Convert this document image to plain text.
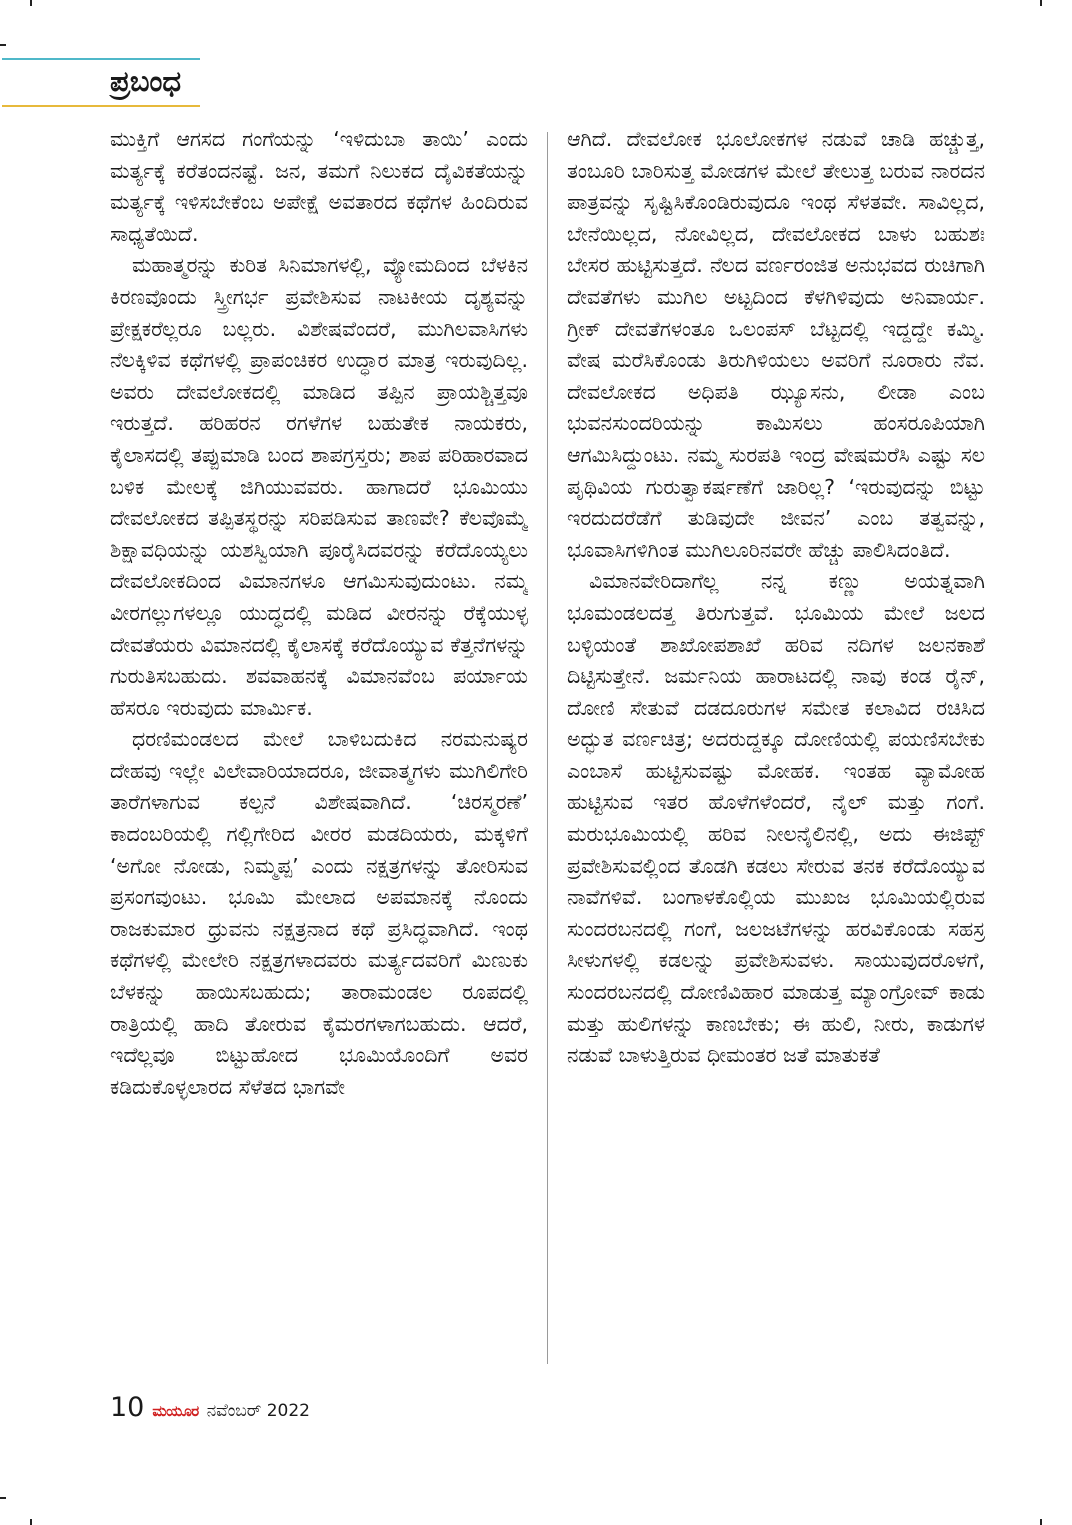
ಪ್ರಬಂಧ

ಮುಕ್ತಿಗೆ ಆಗಸದ ಗಂಗೆಯನ್ನು ‘ಇಳಿದುಬಾ ತಾಯಿ’ ಎಂದು ಮರ್ತ್ಯಕ್ಕೆ ಕರೆತಂದನಷ್ಟೆ. ಜನ, ತಮಗೆ ನಿಲುಕದ ದೈವಿಕತೆಯನ್ನು ಮರ್ತ್ಯಕ್ಕೆ ಇಳಿಸಬೇಕೆಂಬ ಅಪೇಕ್ಷೆ ಅವತಾರದ ಕಥೆಗಳ ಹಿಂದಿರುವ ಸಾಧ್ಯತೆಯಿದೆ.

ಮಹಾತ್ಮರನ್ನು ಕುರಿತ ಸಿನಿಮಾಗಳಲ್ಲಿ, ವ್ಯೋಮದಿಂದ ಬೆಳಕಿನ ಕಿರಣವೊಂದು ಸ್ತ್ರೀಗರ್ಭ ಪ್ರವೇಶಿಸುವ ನಾಟಕೀಯ ದೃಶ್ಯವನ್ನು ಪ್ರೇಕ್ಷಕರೆಲ್ಲರೂ ಬಲ್ಲರು. ವಿಶೇಷವೆಂದರೆ, ಮುಗಿಲವಾಸಿಗಳು ನೆಲಕ್ಕಿಳಿವ ಕಥೆಗಳಲ್ಲಿ ಪ್ರಾಪಂಚಿಕರ ಉದ್ಧಾರ ಮಾತ್ರ ಇರುವುದಿಲ್ಲ. ಅವರು ದೇವಲೋಕದಲ್ಲಿ ಮಾಡಿದ ತಪ್ಪಿನ ಪ್ರಾಯಶ್ಚಿತ್ತವೂ ಇರುತ್ತದೆ. ಹರಿಹರನ ರಗಳೆಗಳ ಬಹುತೇಕ ನಾಯಕರು, ಕೈಲಾಸದಲ್ಲಿ ತಪ್ಪುಮಾಡಿ ಬಂದ ಶಾಪಗ್ರಸ್ತರು; ಶಾಪ ಪರಿಹಾರವಾದ ಬಳಿಕ ಮೇಲಕ್ಕೆ ಜಿಗಿಯುವವರು. ಹಾಗಾದರೆ ಭೂಮಿಯು ದೇವಲೋಕದ ತಪ್ಪಿತಸ್ಥರನ್ನು ಸರಿಪಡಿಸುವ ತಾಣವೇ? ಕೆಲವೊಮ್ಮೆ ಶಿಕ್ಷಾವಧಿಯನ್ನು ಯಶಸ್ವಿಯಾಗಿ ಪೂರೈಸಿದವರನ್ನು ಕರೆದೊಯ್ಯಲು ದೇವಲೋಕದಿಂದ ವಿಮಾನಗಳೂ ಆಗಮಿಸುವುದುಂಟು. ನಮ್ಮ ವೀರಗಲ್ಲುಗಳಲ್ಲೂ ಯುದ್ಧದಲ್ಲಿ ಮಡಿದ ವೀರನನ್ನು ರೆಕ್ಕೆಯುಳ್ಳ ದೇವತೆಯರು ವಿಮಾನದಲ್ಲಿ ಕೈಲಾಸಕ್ಕೆ ಕರೆದೊಯ್ಯುವ ಕೆತ್ತನೆಗಳನ್ನು ಗುರುತಿಸಬಹುದು. ಶವವಾಹನಕ್ಕೆ ವಿಮಾನವೆಂಬ ಪರ್ಯಾಯ ಹೆಸರೂ ಇರುವುದು ಮಾರ್ಮಿಕ.

ಧರಣಿಮಂಡಲದ ಮೇಲೆ ಬಾಳಿಬದುಕಿದ ನರಮನುಷ್ಯರ ದೇಹವು ಇಲ್ಲೇ ವಿಲೇವಾರಿಯಾದರೂ, ಜೀವಾತ್ಮಗಳು ಮುಗಿಲಿಗೇರಿ ತಾರೆಗಳಾಗುವ ಕಲ್ಪನೆ ವಿಶೇಷವಾಗಿದೆ. ‘ಚಿರಸ್ಮರಣೆ’ ಕಾದಂಬರಿಯಲ್ಲಿ ಗಲ್ಲಿಗೇರಿದ ವೀರರ ಮಡದಿಯರು, ಮಕ್ಕಳಿಗೆ ‘ಅಗೋ ನೋಡು, ನಿಮ್ಮಪ್ಪ’ ಎಂದು ನಕ್ಷತ್ರಗಳನ್ನು ತೋರಿಸುವ ಪ್ರಸಂಗವುಂಟು. ಭೂಮಿ ಮೇಲಾದ ಅಪಮಾನಕ್ಕೆ ನೊಂದು ರಾಜಕುಮಾರ ಧ್ರುವನು ನಕ್ಷತ್ರನಾದ ಕಥೆ ಪ್ರಸಿದ್ಧವಾಗಿದೆ. ಇಂಥ ಕಥೆಗಳಲ್ಲಿ ಮೇಲೇರಿ ನಕ್ಷತ್ರಗಳಾದವರು ಮರ್ತ್ಯದವರಿಗೆ ಮಿಣುಕು ಬೆಳಕನ್ನು ಹಾಯಿಸಬಹುದು; ತಾರಾಮಂಡಲ ರೂಪದಲ್ಲಿ ರಾತ್ರಿಯಲ್ಲಿ ಹಾದಿ ತೋರುವ ಕೈಮರಗಳಾಗಬಹುದು. ಆದರೆ, ಇದೆಲ್ಲವೂ ಬಿಟ್ಟುಹೋದ ಭೂಮಿಯೊಂದಿಗೆ ಅವರ ಕಡಿದುಕೊಳ್ಳಲಾರದ ಸೆಳೆತದ ಭಾಗವೇ

ಆಗಿದೆ. ದೇವಲೋಕ ಭೂಲೋಕಗಳ ನಡುವೆ ಚಾಡಿ ಹಚ್ಚುತ್ತ, ತಂಬೂರಿ ಬಾರಿಸುತ್ತ ಮೋಡಗಳ ಮೇಲೆ ತೇಲುತ್ತ ಬರುವ ನಾರದನ ಪಾತ್ರವನ್ನು ಸೃಷ್ಟಿಸಿಕೊಂಡಿರುವುದೂ ಇಂಥ ಸೆಳತವೇ. ಸಾವಿಲ್ಲದ, ಬೇನೆಯಿಲ್ಲದ, ನೋವಿಲ್ಲದ, ದೇವಲೋಕದ ಬಾಳು ಬಹುಶಃ ಬೇಸರ ಹುಟ್ಟಿಸುತ್ತದೆ. ನೆಲದ ವರ್ಣರಂಜಿತ ಅನುಭವದ ರುಚಿಗಾಗಿ ದೇವತೆಗಳು ಮುಗಿಲ ಅಟ್ಟದಿಂದ ಕೆಳಗಿಳಿವುದು ಅನಿವಾರ್ಯ. ಗ್ರೀಕ್ ದೇವತೆಗಳಂತೂ ಒಲಂಪಸ್ ಬೆಟ್ಟದಲ್ಲಿ ಇದ್ದದ್ದೇ ಕಮ್ಮಿ. ವೇಷ ಮರೆಸಿಕೊಂಡು ತಿರುಗಿಳಿಯಲು ಅವರಿಗೆ ನೂರಾರು ನೆವ. ದೇವಲೋಕದ ಅಧಿಪತಿ ಝ್ಯೂಸನು, ಲೀಡಾ ಎಂಬ ಭುವನಸುಂದರಿಯನ್ನು ಕಾಮಿಸಲು ಹಂಸರೂಪಿಯಾಗಿ ಆಗಮಿಸಿದ್ದುಂಟು. ನಮ್ಮ ಸುರಪತಿ ಇಂದ್ರ ವೇಷಮರೆಸಿ ಎಷ್ಟು ಸಲ ಪೃಥಿವಿಯ ಗುರುತ್ವಾಕರ್ಷಣೆಗೆ ಜಾರಿಲ್ಲ? ‘ಇರುವುದನ್ನು ಬಿಟ್ಟು ಇರದುದರೆಡೆಗೆ ತುಡಿವುದೇ ಜೀವನ’ ಎಂಬ ತತ್ವವನ್ನು, ಭೂವಾಸಿಗಳಿಗಿಂತ ಮುಗಿಲೂರಿನವರೇ ಹೆಚ್ಚು ಪಾಲಿಸಿದಂತಿದೆ.

ವಿಮಾನವೇರಿದಾಗೆಲ್ಲ ನನ್ನ ಕಣ್ಣು ಅಯತ್ನವಾಗಿ ಭೂಮಂಡಲದತ್ತ ತಿರುಗುತ್ತವೆ. ಭೂಮಿಯ ಮೇಲೆ ಜಲದ ಬಳ್ಳಿಯಂತೆ ಶಾಖೋಪಶಾಖೆ ಹರಿವ ನದಿಗಳ ಜಲನಕಾಶೆ ದಿಟ್ಟಿಸುತ್ತೇನೆ. ಜರ್ಮನಿಯ ಹಾರಾಟದಲ್ಲಿ ನಾವು ಕಂಡ ರೈನ್, ದೋಣಿ ಸೇತುವೆ ದಡದೂರುಗಳ ಸಮೇತ ಕಲಾವಿದ ರಚಿಸಿದ ಅದ್ಭುತ ವರ್ಣಚಿತ್ರ; ಅದರುದ್ದಕ್ಕೂ ದೋಣಿಯಲ್ಲಿ ಪಯಣಿಸಬೇಕು ಎಂಬಾಸೆ ಹುಟ್ಟಿಸುವಷ್ಟು ಮೋಹಕ. ಇಂತಹ ವ್ಯಾಮೋಹ ಹುಟ್ಟಿಸುವ ಇತರ ಹೊಳೆಗಳೆಂದರೆ, ನೈಲ್ ಮತ್ತು ಗಂಗೆ. ಮರುಭೂಮಿಯಲ್ಲಿ ಹರಿವ ನೀಲನೈಲಿನಲ್ಲಿ, ಅದು ಈಜಿಪ್ಟ್ ಪ್ರವೇಶಿಸುವಲ್ಲಿಂದ ತೊಡಗಿ ಕಡಲು ಸೇರುವ ತನಕ ಕರೆದೊಯ್ಯುವ ನಾವೆಗಳಿವೆ. ಬಂಗಾಳಕೊಲ್ಲಿಯ ಮುಖಜ ಭೂಮಿಯಲ್ಲಿರುವ ಸುಂದರಬನದಲ್ಲಿ ಗಂಗೆ, ಜಲಜಟೆಗಳನ್ನು ಹರವಿಕೊಂಡು ಸಹಸ್ರ ಸೀಳುಗಳಲ್ಲಿ ಕಡಲನ್ನು ಪ್ರವೇಶಿಸುವಳು. ಸಾಯುವುದರೊಳಗೆ, ಸುಂದರಬನದಲ್ಲಿ ದೋಣಿವಿಹಾರ ಮಾಡುತ್ತ ಮ್ಯಾಂಗ್ರೋವ್ ಕಾಡು ಮತ್ತು ಹುಲಿಗಳನ್ನು ಕಾಣಬೇಕು; ಈ ಹುಲಿ, ನೀರು, ಕಾಡುಗಳ ನಡುವೆ ಬಾಳುತ್ತಿರುವ ಧೀಮಂತರ ಜತೆ ಮಾತುಕತೆ

10 ಮಯೂರ ನವೆಂಬರ್ 2022
